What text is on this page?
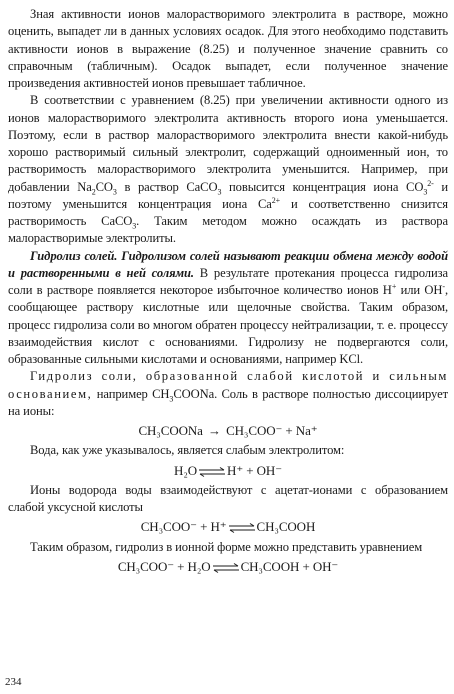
Зная активности ионов малорастворимого электролита в растворе, можно оценить, выпадет ли в данных условиях осадок. Для этого необходимо подставить активности ионов в выражение (8.25) и полученное значение сравнить со справочным (табличным). Осадок выпадет, если полученное значение произведения активностей ионов превышает табличное.

В соответствии с уравнением (8.25) при увеличении активности одного из ионов малорастворимого электролита активность второго иона уменьшается. Поэтому, если в раствор малорастворимого электролита внести какой-нибудь хорошо растворимый сильный электролит, содержащий одноименный ион, то растворимость малорастворимого электролита уменьшится. Например, при добавлении $Na_2CO_3$ в раствор CaCO$_3$ повысится концентрация иона $CO_3^{2-}$ и поэтому уменьшится концентрация иона $Ca^{2+}$ и соответственно снизится растворимость CaCO$_3$. Таким методом можно осаждать из раствора малорастворимые электролиты.

Гидролиз солей. Гидролизом солей называют реакции обмена между водой и растворенными в ней солями. В результате протекания процесса гидролиза соли в растворе появляется некоторое избыточное количество ионов H+ или OH-, сообщающее раствору кислотные или щелочные свойства. Таким образом, процесс гидролиза соли во многом обратен процессу нейтрализации, т. е. процессу взаимодействия кислот с основаниями. Гидролизу не подвергаются соли, образованные сильными кислотами и основаниями, например KCl.

Гидролиз соли, образованной слабой кислотой и сильным основанием, например $CH_3COONa$. Соль в растворе полностью диссоциирует на ионы:

CH₃COONa → CH₃COO⁻ + Na⁺

Вода, как уже указывалось, является слабым электролитом:

H₂O⇌H⁺ + OH⁻

Ионы водорода воды взаимодействуют с ацетат-ионами с образованием слабой уксусной кислоты

CH₃COO⁻ + H⁺⇌CH₃COOH

Таким образом, гидролиз в ионной форме можно представить уравнением

CH₃COO⁻ + H₂O⇌CH₃COOH + OH⁻
234
